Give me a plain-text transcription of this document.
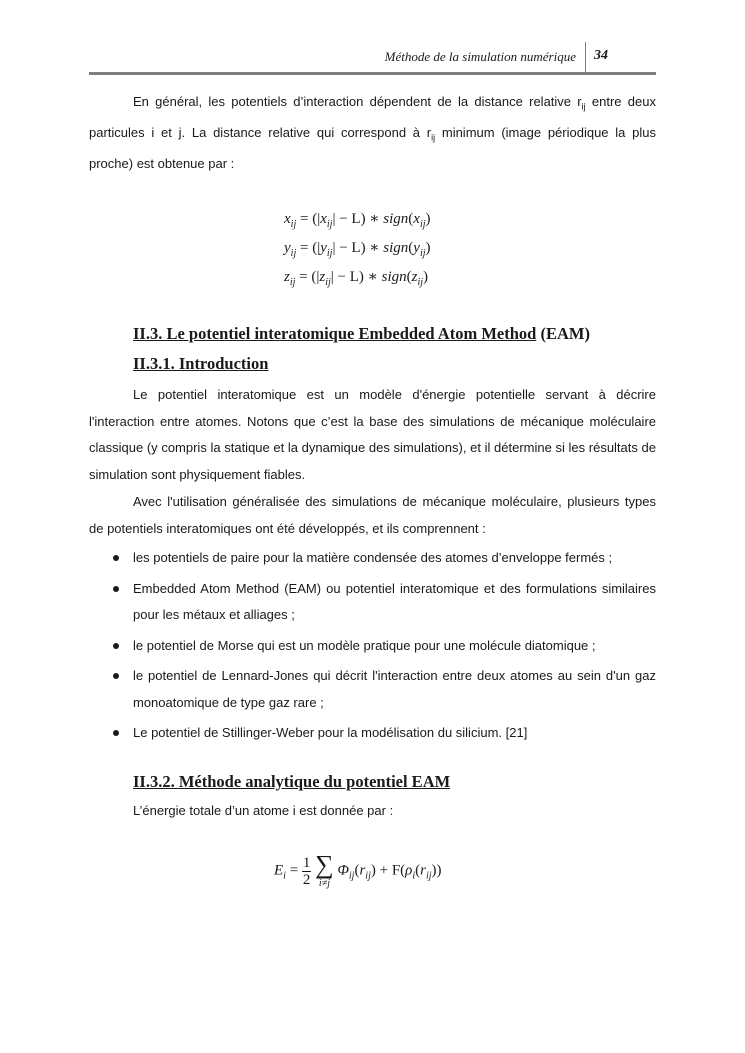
Méthode de la simulation numérique 34

En général, les potentiels d’interaction dépendent de la distance relative $r_{ij}$ entre deux particules i et j. La distance relative qui correspond à $r_{ij}$ minimum (image périodique la plus proche) est obtenue par :

$x_{ij} = (|x_{ij}| - L)$ ∗ $sign(x_{ij})$
$y_{ij} = (|y_{ij}| - L)$ ∗ $sign(y_{ij})$
$z_{ij} = (|z_{ij}| - L)$ ∗ $sign(z_{ij})$
II.3. Le potentiel interatomique Embedded Atom Method (EAM)
II.3.1. Introduction

Le potentiel interatomique est un modèle d'énergie potentielle servant à décrire l'interaction entre atomes. Notons que c’est la base des simulations de mécanique moléculaire classique (y compris la statique et la dynamique des simulations), et il détermine si les résultats de simulation sont physiquement fiables.

Avec l'utilisation généralisée des simulations de mécanique moléculaire, plusieurs types de potentiels interatomiques ont été développés, et ils comprennent :

les potentiels de paire pour la matière condensée des atomes d’enveloppe fermés ;
Embedded Atom Method (EAM) ou potentiel interatomique et des formulations similaires pour les métaux et alliages ;
le potentiel de Morse qui est un modèle pratique pour une molécule diatomique ;
le potentiel de Lennard-Jones qui décrit l'interaction entre deux atomes au sein d'un gaz monoatomique de type gaz rare ;
Le potentiel de Stillinger-Weber pour la modélisation du silicium. [21]
II.3.2. Méthode analytique du potentiel EAM

L’énergie totale d’un atome i est donnée par :

$E_i = \frac{1}{2}$
∑
i≠j
$\Phi_{ij}(r_{ij}) + F(\rho_i(r_{ij}))$
